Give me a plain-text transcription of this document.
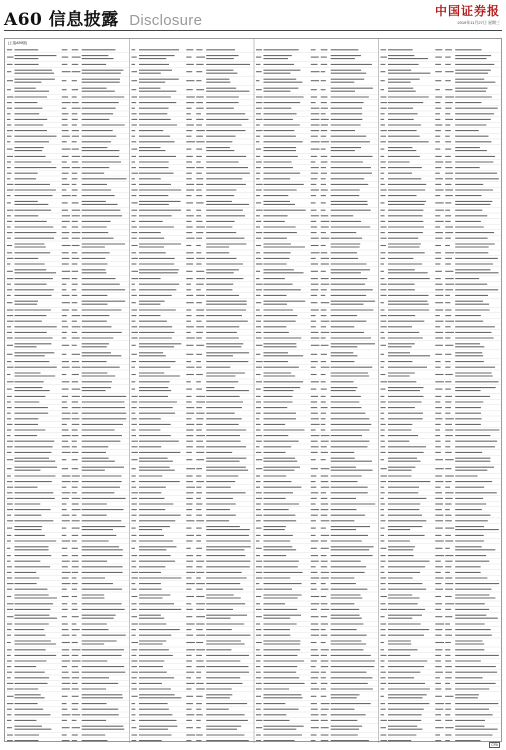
A60 信息披露 Disclosure
中国证券报
2019年11月27日 星期三
(上接A59版)
CPA
